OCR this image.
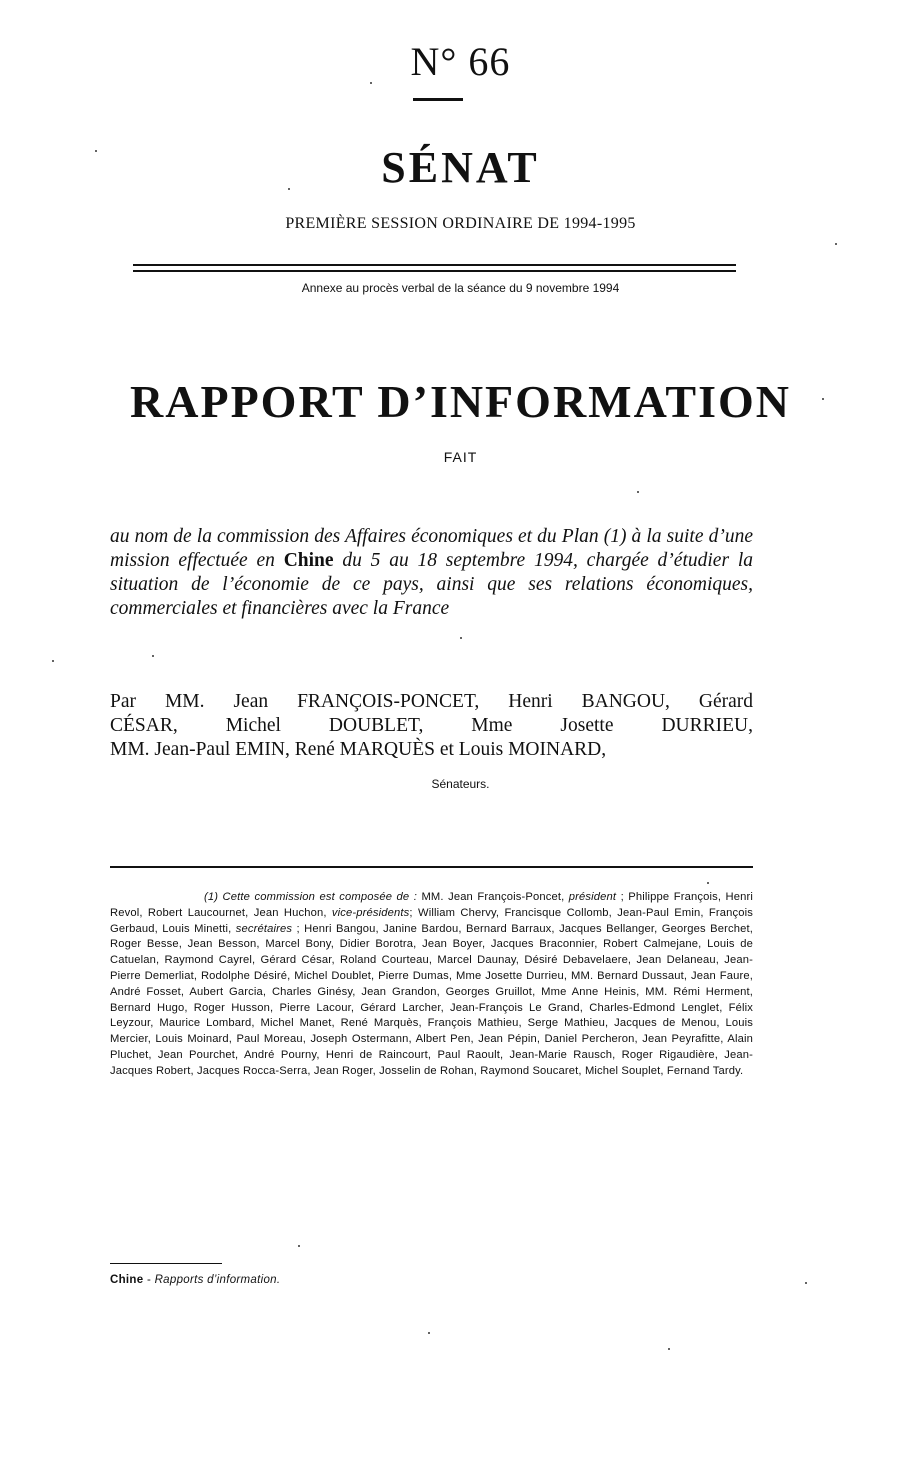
N° 66
SÉNAT
PREMIÈRE SESSION ORDINAIRE DE 1994-1995
Annexe au procès verbal de la séance du 9 novembre 1994
RAPPORT D’INFORMATION
FAIT
au nom de la commission des Affaires économiques et du Plan (1) à la suite d’une mission effectuée en Chine du 5 au 18 septembre 1994, chargée d’étudier la situation de l’économie de ce pays, ainsi que ses relations économiques, commerciales et financières avec la France
Par MM. Jean FRANÇOIS-PONCET, Henri BANGOU, Gérard
CÉSAR, Michel DOUBLET, Mme Josette DURRIEU,
MM. Jean-Paul EMIN, René MARQUÈS et Louis MOINARD,
Sénateurs.
(1) Cette commission est composée de : MM. Jean François-Poncet, président ; Philippe François, Henri Revol, Robert Laucournet, Jean Huchon, vice-présidents; William Chervy, Francisque Collomb, Jean-Paul Emin, François Gerbaud, Louis Minetti, secrétaires ; Henri Bangou, Janine Bardou, Bernard Barraux, Jacques Bellanger, Georges Berchet, Roger Besse, Jean Besson, Marcel Bony, Didier Borotra, Jean Boyer, Jacques Braconnier, Robert Calmejane, Louis de Catuelan, Raymond Cayrel, Gérard César, Roland Courteau, Marcel Daunay, Désiré Debavelaere, Jean Delaneau, Jean-Pierre Demerliat, Rodolphe Désiré, Michel Doublet, Pierre Dumas, Mme Josette Durrieu, MM. Bernard Dussaut, Jean Faure, André Fosset, Aubert Garcia, Charles Ginésy, Jean Grandon, Georges Gruillot, Mme Anne Heinis, MM. Rémi Herment, Bernard Hugo, Roger Husson, Pierre Lacour, Gérard Larcher, Jean-François Le Grand, Charles-Edmond Lenglet, Félix Leyzour, Maurice Lombard, Michel Manet, René Marquès, François Mathieu, Serge Mathieu, Jacques de Menou, Louis Mercier, Louis Moinard, Paul Moreau, Joseph Ostermann, Albert Pen, Jean Pépin, Daniel Percheron, Jean Peyrafitte, Alain Pluchet, Jean Pourchet, André Pourny, Henri de Raincourt, Paul Raoult, Jean-Marie Rausch, Roger Rigaudière, Jean-Jacques Robert, Jacques Rocca-Serra, Jean Roger, Josselin de Rohan, Raymond Soucaret, Michel Souplet, Fernand Tardy.
Chine - Rapports d’information.
